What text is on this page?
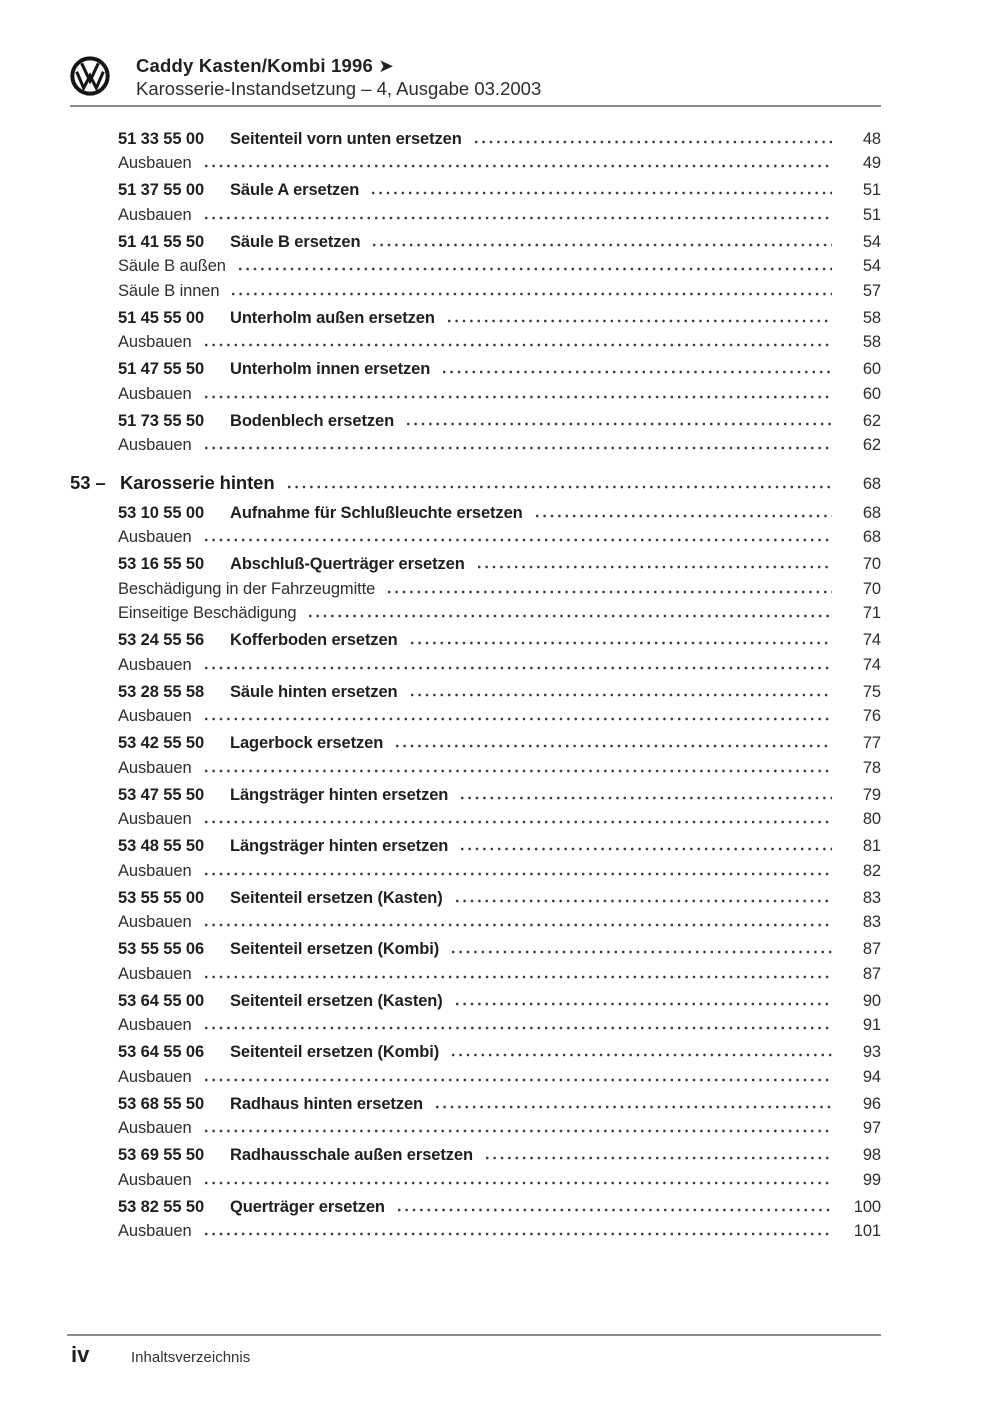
Caddy Kasten/Kombi 1996 ➤
Karosserie-Instandsetzung – 4, Ausgabe 03.2003
51 33 55 00	Seitenteil vorn unten ersetzen	48
Ausbauen	49
51 37 55 00	Säule A ersetzen	51
Ausbauen	51
51 41 55 50	Säule B ersetzen	54
Säule B außen	54
Säule B innen	57
51 45 55 00	Unterholm außen ersetzen	58
Ausbauen	58
51 47 55 50	Unterholm innen ersetzen	60
Ausbauen	60
51 73 55 50	Bodenblech ersetzen	62
Ausbauen	62
53 – Karosserie hinten	68
53 10 55 00	Aufnahme für Schlußleuchte ersetzen	68
Ausbauen	68
53 16 55 50	Abschluß-Querträger ersetzen	70
Beschädigung in der Fahrzeugmitte	70
Einseitige Beschädigung	71
53 24 55 56	Kofferboden ersetzen	74
Ausbauen	74
53 28 55 58	Säule hinten ersetzen	75
Ausbauen	76
53 42 55 50	Lagerbock ersetzen	77
Ausbauen	78
53 47 55 50	Längsträger hinten ersetzen	79
Ausbauen	80
53 48 55 50	Längsträger hinten ersetzen	81
Ausbauen	82
53 55 55 00	Seitenteil ersetzen (Kasten)	83
Ausbauen	83
53 55 55 06	Seitenteil ersetzen (Kombi)	87
Ausbauen	87
53 64 55 00	Seitenteil ersetzen (Kasten)	90
Ausbauen	91
53 64 55 06	Seitenteil ersetzen (Kombi)	93
Ausbauen	94
53 68 55 50	Radhaus hinten ersetzen	96
Ausbauen	97
53 69 55 50	Radhausschale außen ersetzen	98
Ausbauen	99
53 82 55 50	Querträger ersetzen	100
Ausbauen	101
iv	Inhaltsverzeichnis
